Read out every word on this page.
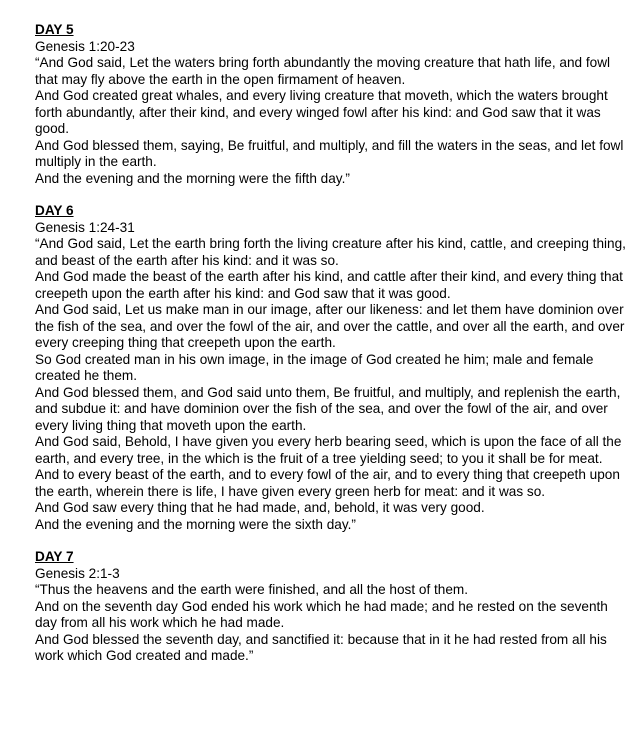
DAY 5
Genesis 1:20-23
“And God said, Let the waters bring forth abundantly the moving creature that hath life, and fowl that may fly above the earth in the open firmament of heaven.
And God created great whales, and every living creature that moveth, which the waters brought forth abundantly, after their kind, and every winged fowl after his kind: and God saw that it was good.
And God blessed them, saying, Be fruitful, and multiply, and fill the waters in the seas, and let fowl multiply in the earth.
And the evening and the morning were the fifth day.”
DAY 6
Genesis 1:24-31
“And God said, Let the earth bring forth the living creature after his kind, cattle, and creeping thing, and beast of the earth after his kind: and it was so.
And God made the beast of the earth after his kind, and cattle after their kind, and every thing that creepeth upon the earth after his kind: and God saw that it was good.
And God said, Let us make man in our image, after our likeness: and let them have dominion over the fish of the sea, and over the fowl of the air, and over the cattle, and over all the earth, and over every creeping thing that creepeth upon the earth.
So God created man in his own image, in the image of God created he him; male and female created he them.
And God blessed them, and God said unto them, Be fruitful, and multiply, and replenish the earth, and subdue it: and have dominion over the fish of the sea, and over the fowl of the air, and over every living thing that moveth upon the earth.
And God said, Behold, I have given you every herb bearing seed, which is upon the face of all the earth, and every tree, in the which is the fruit of a tree yielding seed; to you it shall be for meat.
And to every beast of the earth, and to every fowl of the air, and to every thing that creepeth upon the earth, wherein there is life, I have given every green herb for meat: and it was so.
And God saw every thing that he had made, and, behold, it was very good.
And the evening and the morning were the sixth day.”
DAY 7
Genesis 2:1-3
“Thus the heavens and the earth were finished, and all the host of them.
And on the seventh day God ended his work which he had made; and he rested on the seventh day from all his work which he had made.
And God blessed the seventh day, and sanctified it: because that in it he had rested from all his work which God created and made.”
